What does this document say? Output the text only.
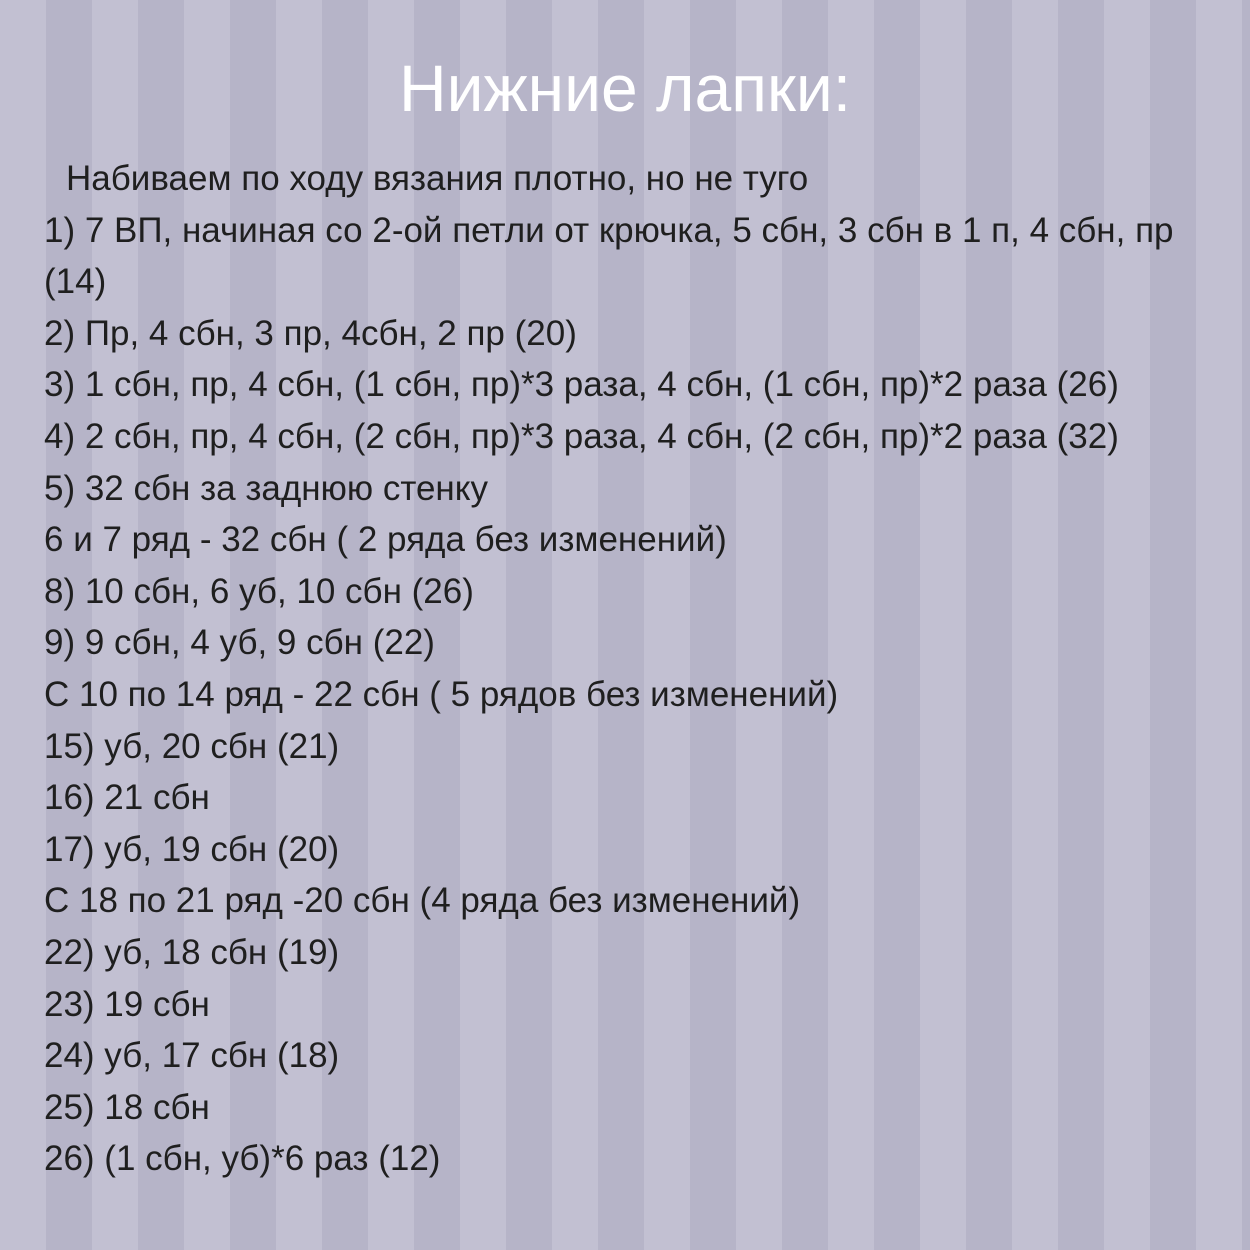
Нижние лапки:
Набиваем по ходу вязания плотно, но не туго
1) 7 ВП, начиная со 2-ой петли от крючка, 5 сбн, 3 сбн в 1 п, 4 сбн, пр (14)
2) Пр, 4 сбн, 3 пр, 4сбн, 2 пр (20)
3) 1 сбн, пр, 4 сбн, (1 сбн, пр)*3 раза, 4 сбн, (1 сбн, пр)*2 раза (26)
4) 2 сбн, пр, 4 сбн, (2 сбн, пр)*3 раза, 4 сбн, (2 сбн, пр)*2 раза (32)
5) 32 сбн за заднюю стенку
6 и 7 ряд - 32 сбн ( 2 ряда без изменений)
8) 10 сбн, 6 уб, 10 сбн (26)
9) 9 сбн, 4 уб, 9 сбн (22)
С 10 по 14 ряд - 22 сбн ( 5 рядов без изменений)
15) уб, 20 сбн (21)
16) 21 сбн
17) уб, 19 сбн (20)
С 18 по 21 ряд -20 сбн (4 ряда без изменений)
22) уб, 18 сбн (19)
23) 19 сбн
24) уб, 17 сбн (18)
25) 18 сбн
26) (1 сбн, уб)*6 раз (12)
